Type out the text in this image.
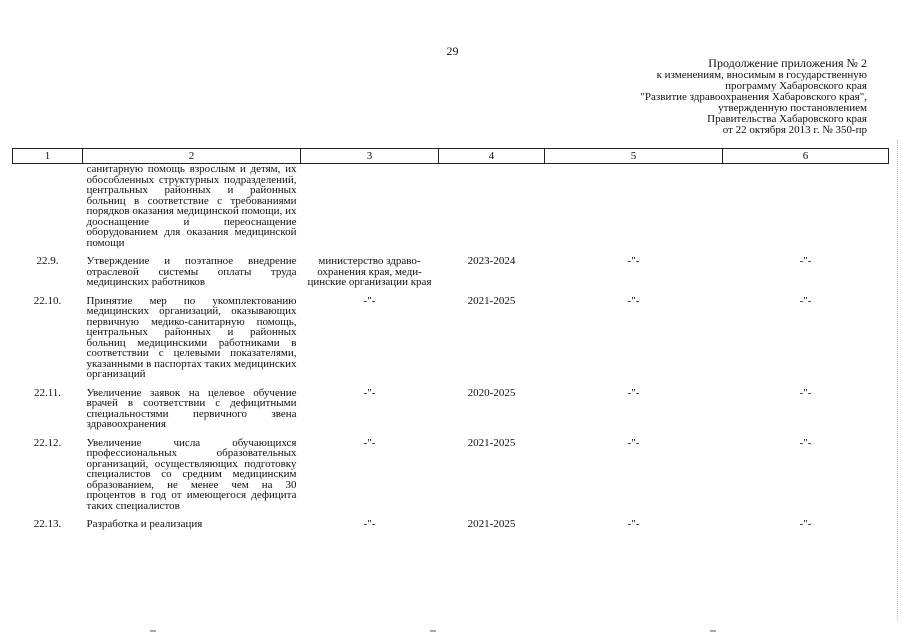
29
Продолжение приложения № 2
к изменениям, вносимым в государственную
программу Хабаровского края
"Развитие здравоохранения Хабаровского края",
утвержденную постановлением
Правительства Хабаровского края
от 22 октября 2013 г. № 350-пр
1	2	3	4	5	6
	санитарную помощь взрослым и детям, их обособленных структурных подразделений, центральных районных и районных больниц в соответствие с требованиями порядков оказания медицинской помощи, их дооснащение и переоснащение оборудованием для оказания медицинской помощи				
22.9.	Утверждение и поэтапное внедрение отраслевой системы оплаты труда медицинских работников	министерство здраво-охранения края, меди-цинские организации края	2023-2024	-"-	-"-
22.10.	Принятие мер по укомплектованию медицинских организаций, оказывающих первичную медико-санитарную помощь, центральных районных и районных больниц медицинскими работниками в соответствии с целевыми показателями, указанными в паспортах таких медицинских организаций	-"-	2021-2025	-"-	-"-
22.11.	Увеличение заявок на целевое обучение врачей в соответствии с дефицитными специальностями первичного звена здравоохранения	-"-	2020-2025	-"-	-"-
22.12.	Увеличение числа обучающихся профессиональных образовательных организаций, осуществляющих подготовку специалистов со средним медицинским образованием, не менее чем на 30 процентов в год от имеющегося дефицита таких специалистов	-"-	2021-2025	-"-	-"-
22.13.	Разработка и реализация	-"-	2021-2025	-"-	-"-
